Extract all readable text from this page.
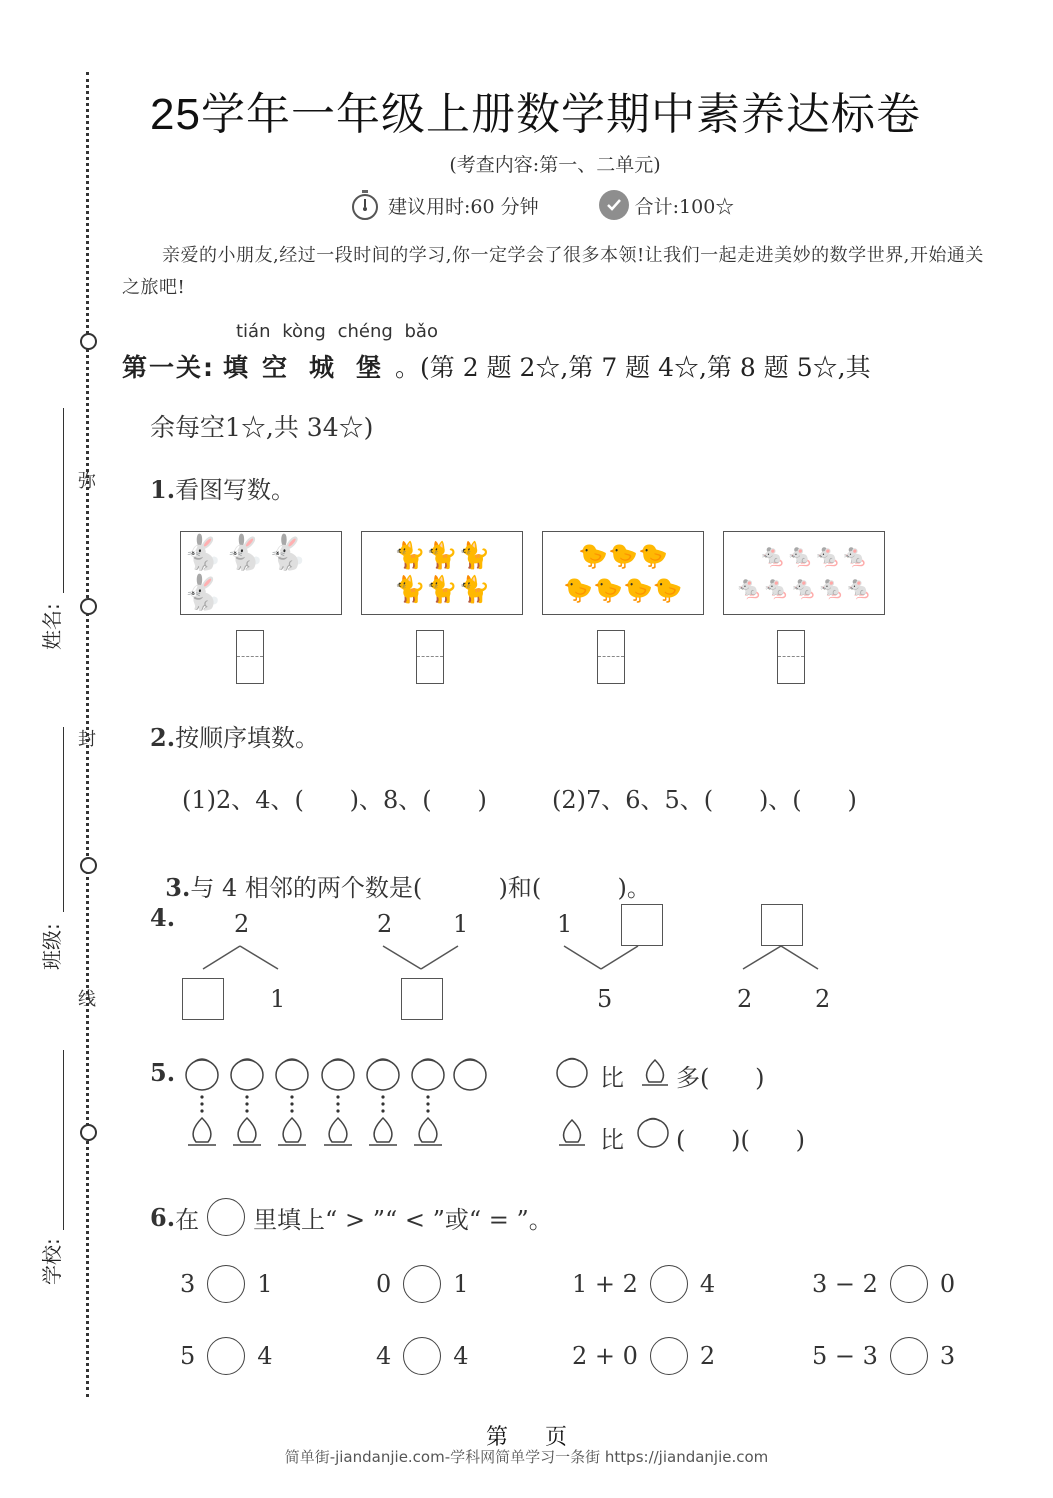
弥
封
线
姓名:
班级:
学校:
25学年一年级上册数学期中素养达标卷
(考查内容:第一、二单元)
建议用时:60 分钟	合计:100☆
亲爱的小朋友,经过一段时间的学习,你一定学会了很多本领!让我们一起走进美妙的数学世界,开始通关之旅吧!
tián kòng chéng bǎo
第一关: 填空 城 堡。(第 2 题 2☆,第 7 题 4☆,第 8 题 5☆,其
余每空1☆,共 34☆)
1.看图写数。
🐇🐇🐇🐇
🐈🐈🐈
🐈🐈🐈
🐤🐤🐤
🐤🐤🐤🐤
🐁🐁🐁🐁
🐁🐁🐁🐁🐁
2.按顺序填数。
(1)2、4、(      )、8、(      )	(2)7、6、5、(      )、(      )

3.与 4 相邻的两个数是(          )和(          )。

4. 2
1
2	1	1
5	2	2
5.	比 多(      )
比 (      )(      )
6. 在 里填上“ > ”“ < ”或“ = ”。
3	1	0	1	1 + 2	4	3 − 2	0
5	4	4	4	2 + 0	2	5 − 3	3
第 页
简单街-jiandanjie.com-学科网简单学习一条街 https://jiandanjie.com
